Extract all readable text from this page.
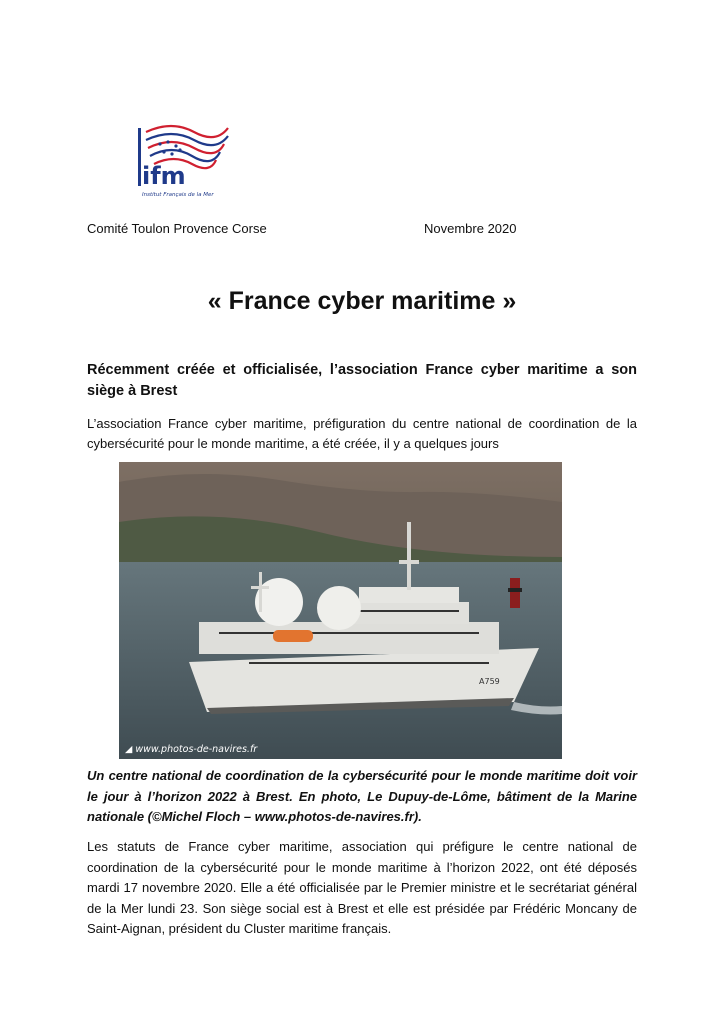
ifm
Institut Français de la Mer
Comité Toulon Provence Corse	Novembre 2020
« France cyber maritime »
Récemment créée et officialisée, l’association France cyber maritime a son siège à Brest
L’association France cyber maritime, préfiguration du centre national de coordination de la cybersécurité pour le monde maritime, a été créée, il y a quelques jours
A759
◢ www.photos-de-navires.fr
Un centre national de coordination de la cybersécurité pour le monde maritime doit voir le jour à l’horizon 2022 à Brest. En photo, Le Dupuy-de-Lôme, bâtiment de la Marine nationale (©Michel Floch – www.photos-de-navires.fr).
Les statuts de France cyber maritime, association qui préfigure le centre national de coordination de la cybersécurité pour le monde maritime à l’horizon 2022, ont été déposés mardi 17 novembre 2020. Elle a été officialisée par le Premier ministre et le secrétariat général de la Mer lundi 23. Son siège social est à Brest et elle est présidée par Frédéric Moncany de Saint-Aignan, président du Cluster maritime français.
